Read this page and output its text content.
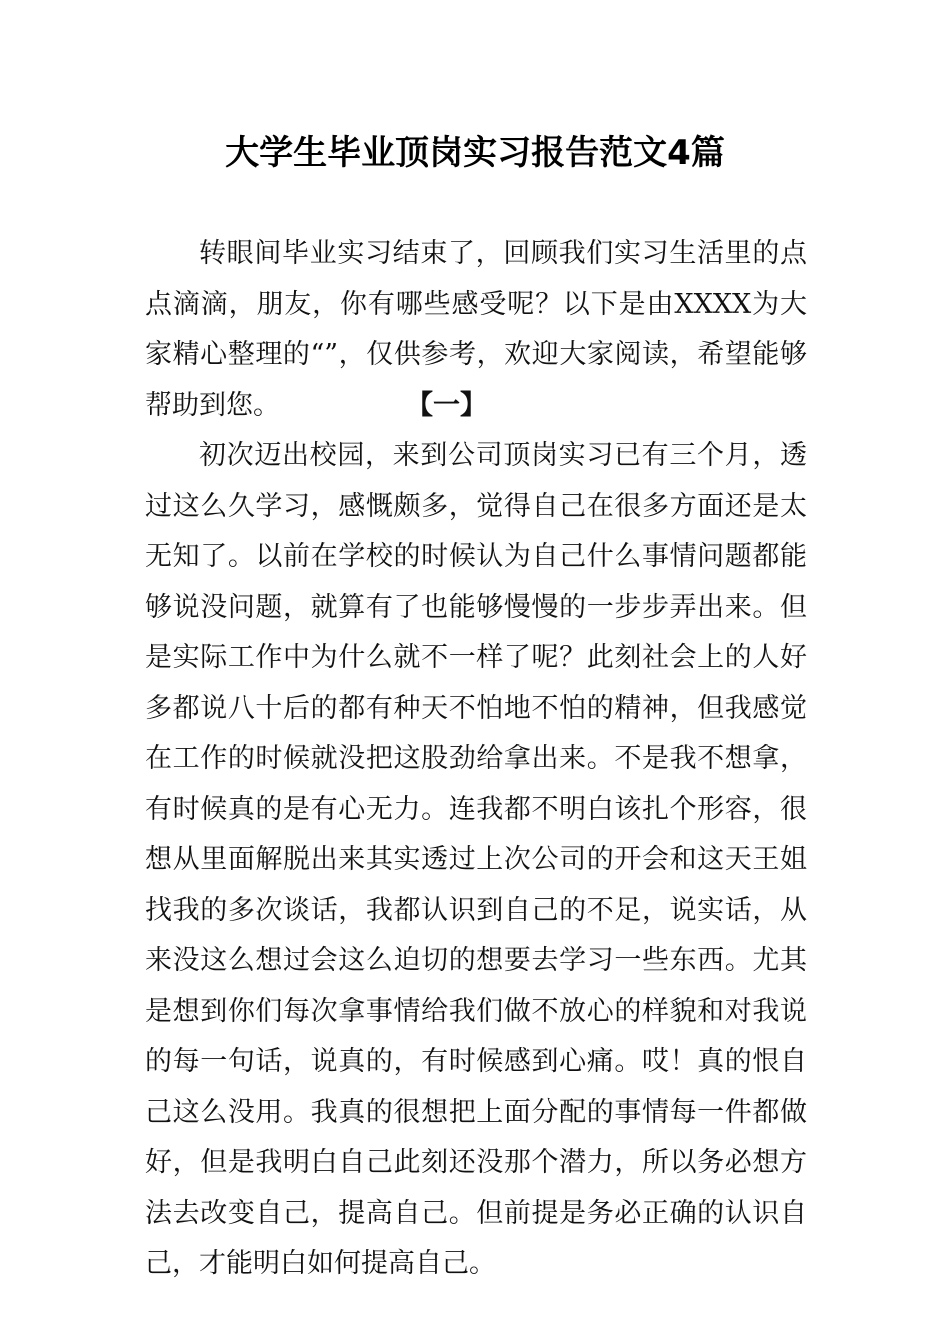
大学生毕业顶岗实习报告范文4篇

转眼间毕业实习结束了，回顾我们实习生活里的点点滴滴，朋友，你有哪些感受呢？以下是由XXXX为大家精心整理的“”，仅供参考，欢迎大家阅读，希望能够帮助到您。	【一】

初次迈出校园，来到公司顶岗实习已有三个月，透过这么久学习，感慨颇多，觉得自己在很多方面还是太无知了。以前在学校的时候认为自己什么事情问题都能够说没问题，就算有了也能够慢慢的一步步弄出来。但是实际工作中为什么就不一样了呢？此刻社会上的人好多都说八十后的都有种天不怕地不怕的精神，但我感觉在工作的时候就没把这股劲给拿出来。不是我不想拿，有时候真的是有心无力。连我都不明白该扎个形容，很想从里面解脱出来其实透过上次公司的开会和这天王姐找我的多次谈话，我都认识到自己的不足，说实话，从来没这么想过会这么迫切的想要去学习一些东西。尤其是想到你们每次拿事情给我们做不放心的样貌和对我说的每一句话，说真的，有时候感到心痛。哎！真的恨自己这么没用。我真的很想把上面分配的事情每一件都做好，但是我明白自己此刻还没那个潜力，所以务必想方法去改变自己，提高自己。但前提是务必正确的认识自己，才能明白如何提高自己。
